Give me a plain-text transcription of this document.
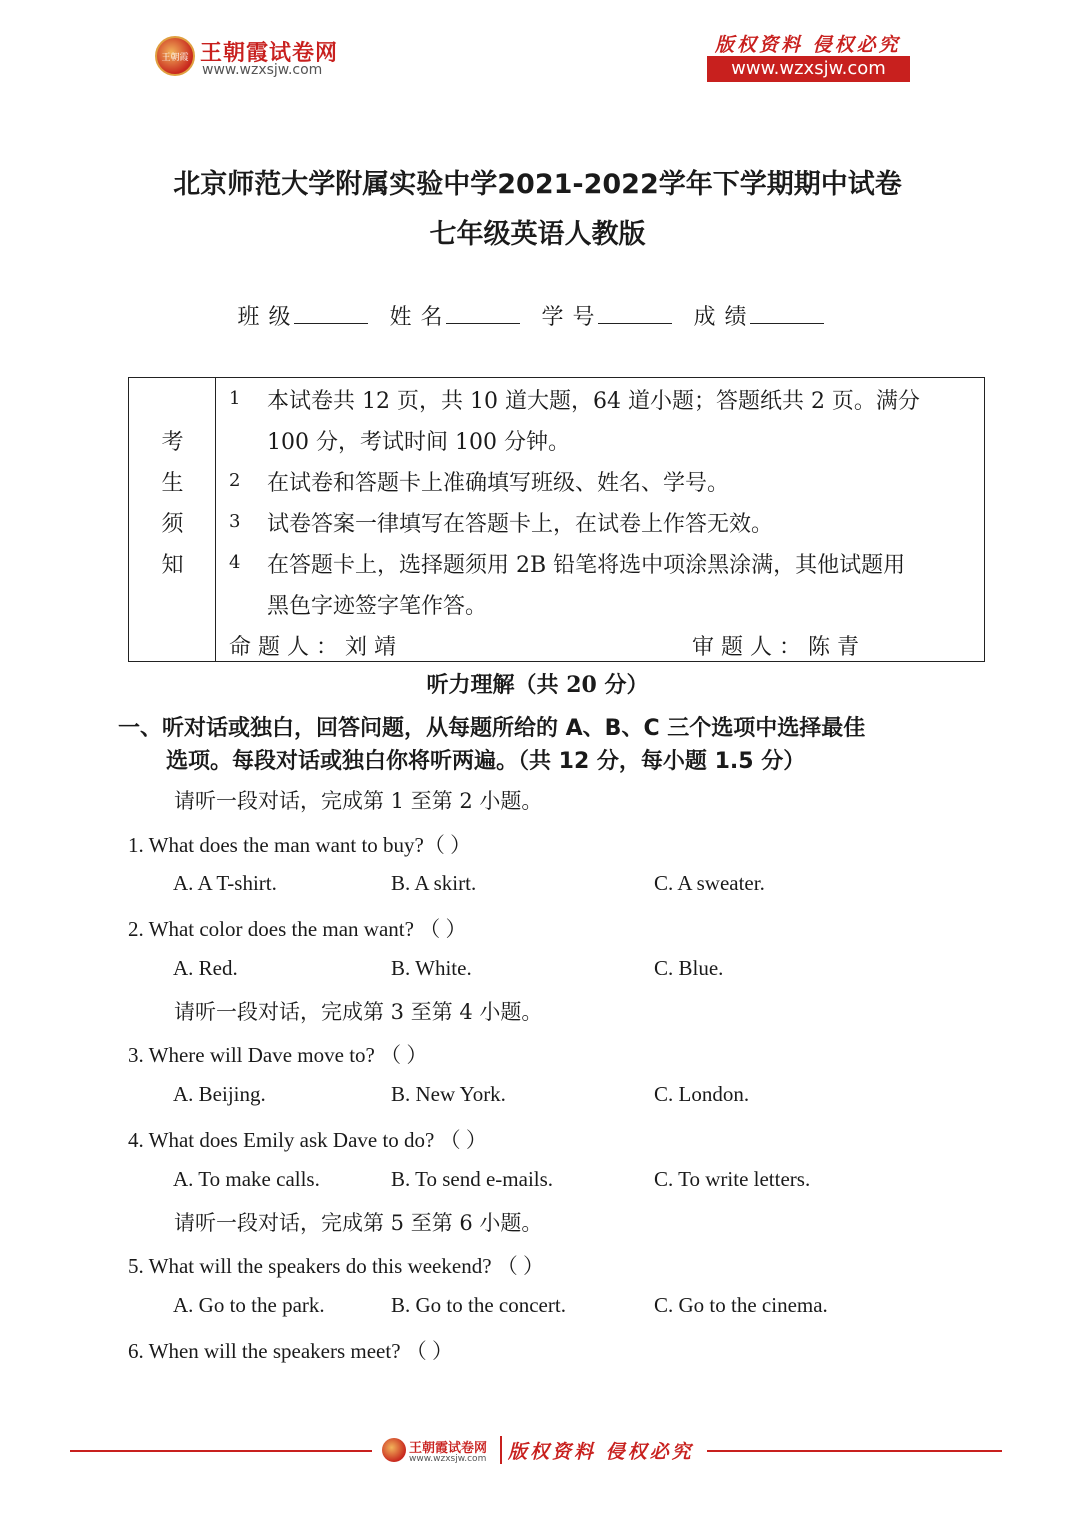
王朝霞 王朝霞试卷网
www.wzxsjw.com
版权资料 侵权必究
www.wzxsjw.com
北京师范大学附属实验中学2021-2022学年下学期期中试卷
七年级英语人教版
班 级	姓 名	学 号	成 绩
考
生
须
知
1 本试卷共 12 页，共 10 道大题，64 道小题；答题纸共 2 页。满分
100 分，考试时间 100 分钟。
2 在试卷和答题卡上准确填写班级、姓名、学号。
3 试卷答案一律填写在答题卡上，在试卷上作答无效。
4 在答题卡上，选择题须用 2B 铅笔将选中项涂黑涂满，其他试题用
黑色字迹签字笔作答。
命 题 人 ： 刘 靖	审 题 人 ： 陈 青
听力理解（共 20 分）
一、听对话或独白，回答问题，从每题所给的 A、B、C 三个选项中选择最佳
选项。每段对话或独白你将听两遍。（共 12 分，每小题 1.5 分）
请听一段对话，完成第 1 至第 2 小题。
1. What does the man want to buy?（ ）
A. A T-shirt.	B. A skirt.	C. A sweater.
2. What color does the man want? （ ）
A. Red.	B. White.	C. Blue.
请听一段对话，完成第 3 至第 4 小题。
3. Where will Dave move to? （ ）
A. Beijing.	B. New York.	C. London.
4. What does Emily ask Dave to do? （ ）
A. To make calls.	B. To send e-mails.	C. To write letters.
请听一段对话，完成第 5 至第 6 小题。
5. What will the speakers do this weekend? （ ）
A. Go to the park.	B. Go to the concert.	C. Go to the cinema.
6. When will the speakers meet? （ ）
王朝霞试卷网
www.wzxsjw.com 版权资料 侵权必究
